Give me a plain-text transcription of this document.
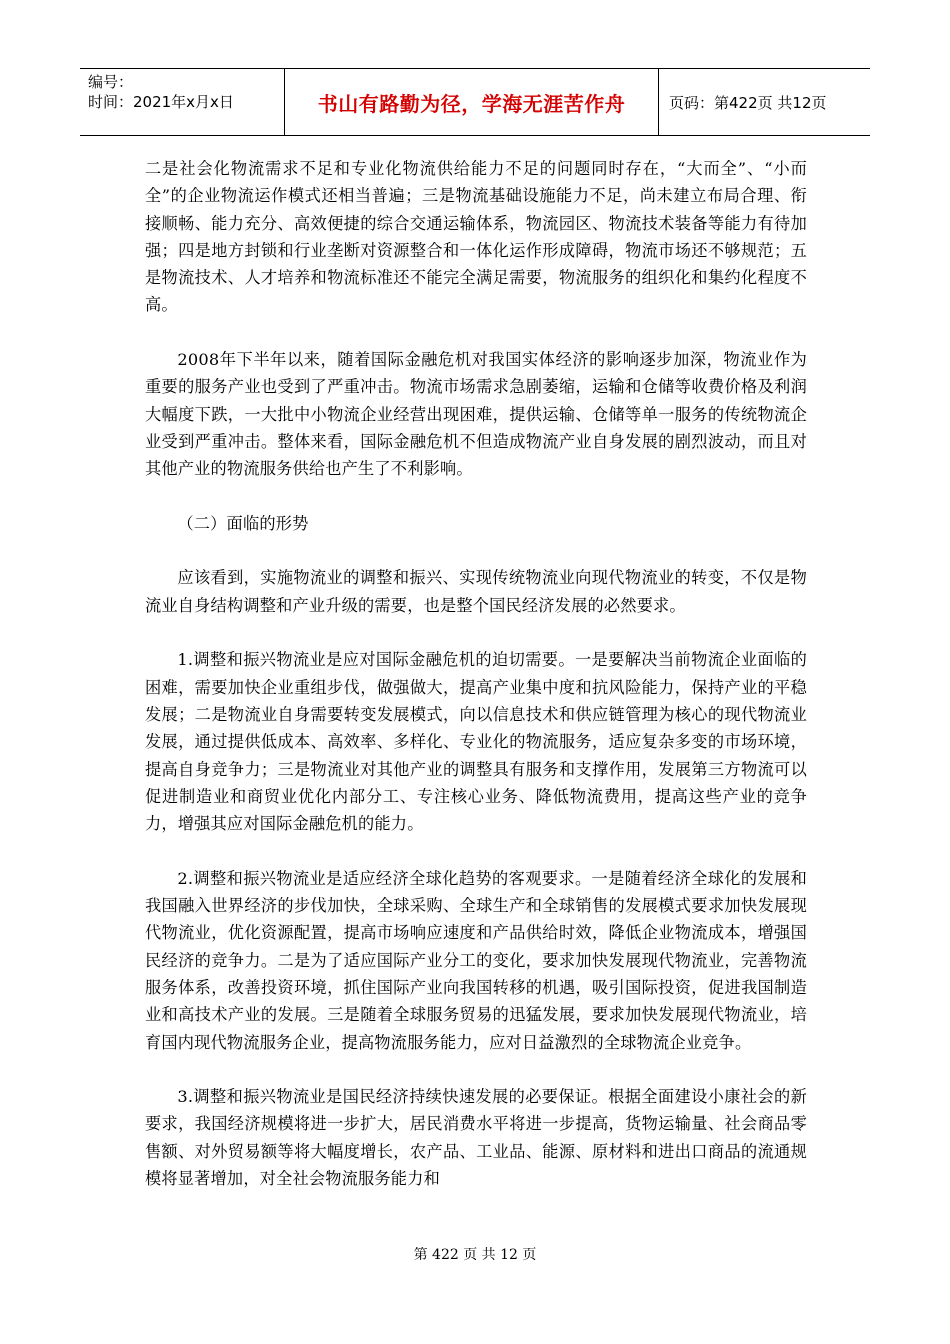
编号：
时间：2021年x月x日	书山有路勤为径，学海无涯苦作舟	页码：第422页 共12页

二是社会化物流需求不足和专业化物流供给能力不足的问题同时存在，“大而全”、“小而全”的企业物流运作模式还相当普遍；三是物流基础设施能力不足，尚未建立布局合理、衔接顺畅、能力充分、高效便捷的综合交通运输体系，物流园区、物流技术装备等能力有待加强；四是地方封锁和行业垄断对资源整合和一体化运作形成障碍，物流市场还不够规范；五是物流技术、人才培养和物流标准还不能完全满足需要，物流服务的组织化和集约化程度不高。

2008年下半年以来，随着国际金融危机对我国实体经济的影响逐步加深，物流业作为重要的服务产业也受到了严重冲击。物流市场需求急剧萎缩，运输和仓储等收费价格及利润大幅度下跌，一大批中小物流企业经营出现困难，提供运输、仓储等单一服务的传统物流企业受到严重冲击。整体来看，国际金融危机不但造成物流产业自身发展的剧烈波动，而且对其他产业的物流服务供给也产生了不利影响。

（二）面临的形势

应该看到，实施物流业的调整和振兴、实现传统物流业向现代物流业的转变，不仅是物流业自身结构调整和产业升级的需要，也是整个国民经济发展的必然要求。

1.调整和振兴物流业是应对国际金融危机的迫切需要。一是要解决当前物流企业面临的困难，需要加快企业重组步伐，做强做大，提高产业集中度和抗风险能力，保持产业的平稳发展；二是物流业自身需要转变发展模式，向以信息技术和供应链管理为核心的现代物流业发展，通过提供低成本、高效率、多样化、专业化的物流服务，适应复杂多变的市场环境，提高自身竞争力；三是物流业对其他产业的调整具有服务和支撑作用，发展第三方物流可以促进制造业和商贸业优化内部分工、专注核心业务、降低物流费用，提高这些产业的竞争力，增强其应对国际金融危机的能力。

2.调整和振兴物流业是适应经济全球化趋势的客观要求。一是随着经济全球化的发展和我国融入世界经济的步伐加快，全球采购、全球生产和全球销售的发展模式要求加快发展现代物流业，优化资源配置，提高市场响应速度和产品供给时效，降低企业物流成本，增强国民经济的竞争力。二是为了适应国际产业分工的变化，要求加快发展现代物流业，完善物流服务体系，改善投资环境，抓住国际产业向我国转移的机遇，吸引国际投资，促进我国制造业和高技术产业的发展。三是随着全球服务贸易的迅猛发展，要求加快发展现代物流业，培育国内现代物流服务企业，提高物流服务能力，应对日益激烈的全球物流企业竞争。

3.调整和振兴物流业是国民经济持续快速发展的必要保证。根据全面建设小康社会的新要求，我国经济规模将进一步扩大，居民消费水平将进一步提高，货物运输量、社会商品零售额、对外贸易额等将大幅度增长，农产品、工业品、能源、原材料和进出口商品的流通规模将显著增加，对全社会物流服务能力和

第 422 页 共 12 页
